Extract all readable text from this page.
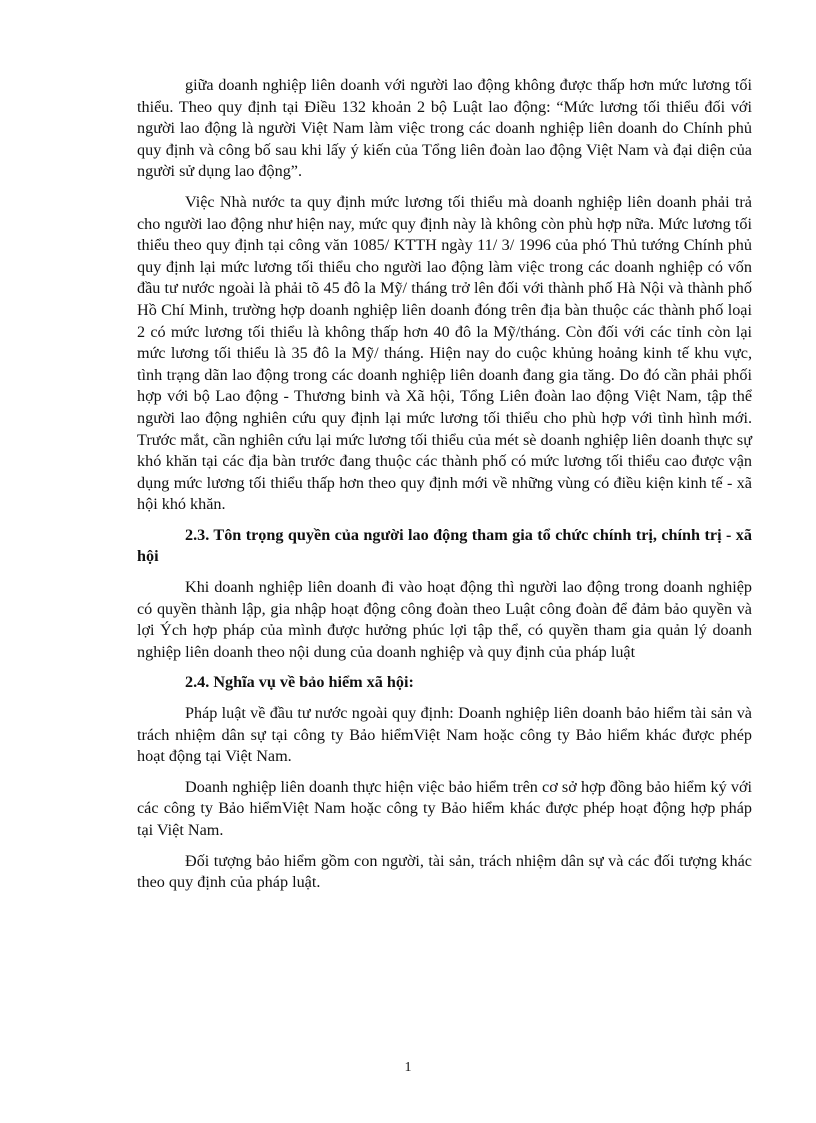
giữa doanh nghiệp liên doanh với người lao động không được thấp hơn mức lương tối thiểu. Theo quy định tại Điều 132 khoản 2 bộ Luật lao động: “Mức lương tối thiểu đối với người lao động là người Việt Nam làm việc trong các doanh nghiệp liên doanh do Chính phủ quy định và công bố sau khi lấy ý kiến của Tổng liên đoàn lao động Việt Nam và đại diện của người sử dụng lao động”.

Việc Nhà nước ta quy định mức lương tối thiểu mà doanh nghiệp liên doanh phải trả cho người lao động như hiện nay, mức quy định này là không còn phù hợp nữa. Mức lương tối thiểu theo quy định tại công văn 1085/ KTTH ngày 11/ 3/ 1996 của phó Thủ tướng Chính phủ quy định lại mức lương tối thiểu cho người lao động làm việc trong các doanh nghiệp có vốn đầu tư nước ngoài là phải tõ 45 đô la Mỹ/ tháng trở lên đối với thành phố Hà Nội và thành phố Hồ Chí Minh, trường hợp doanh nghiệp liên doanh đóng trên địa bàn thuộc các thành phố loại 2 có mức lương tối thiểu là không thấp hơn 40 đô la Mỹ/tháng. Còn đối với các tỉnh còn lại mức lương tối thiểu là 35 đô la Mỹ/ tháng. Hiện nay do cuộc khủng hoảng kinh tế khu vực, tình trạng dãn lao động trong các doanh nghiệp liên doanh đang gia tăng. Do đó cần phải phối hợp với bộ Lao động - Thương binh và Xã hội, Tổng Liên đoàn lao động Việt Nam, tập thể người lao động nghiên cứu quy định lại mức lương tối thiểu cho phù hợp với tình hình mới. Trước mắt, cần nghiên cứu lại mức lương tối thiểu của mét sè doanh nghiệp liên doanh thực sự khó khăn tại các địa bàn trước đang thuộc các thành phố có mức lương tối thiểu cao được vận dụng mức lương tối thiểu thấp hơn theo quy định mới về những vùng có điều kiện kinh tế - xã hội khó khăn.

2.3. Tôn trọng quyền của người lao động tham gia tổ chức chính trị, chính trị - xã hội

Khi doanh nghiệp liên doanh đi vào hoạt động thì người lao động trong doanh nghiệp có quyền thành lập, gia nhập hoạt động công đoàn theo Luật công đoàn để đảm bảo quyền và lợi Ých hợp pháp của mình được hưởng phúc lợi tập thể, có quyền tham gia quản lý doanh nghiệp liên doanh theo nội dung của doanh nghiệp và quy định của pháp luật

2.4. Nghĩa vụ về bảo hiểm xã hội:

Pháp luật về đầu tư nước ngoài quy định: Doanh nghiệp liên doanh bảo hiểm tài sản và trách nhiệm dân sự tại công ty Bảo hiểmViệt Nam hoặc công ty Bảo hiểm khác được phép hoạt động tại Việt Nam.

Doanh nghiệp liên doanh thực hiện việc bảo hiểm trên cơ sở hợp đồng bảo hiểm ký với các công ty Bảo hiểmViệt Nam hoặc công ty Bảo hiểm khác được phép hoạt động hợp pháp tại Việt Nam.

Đối tượng bảo hiểm gồm con người, tài sản, trách nhiệm dân sự và các đối tượng khác theo quy định của pháp luật.

1
